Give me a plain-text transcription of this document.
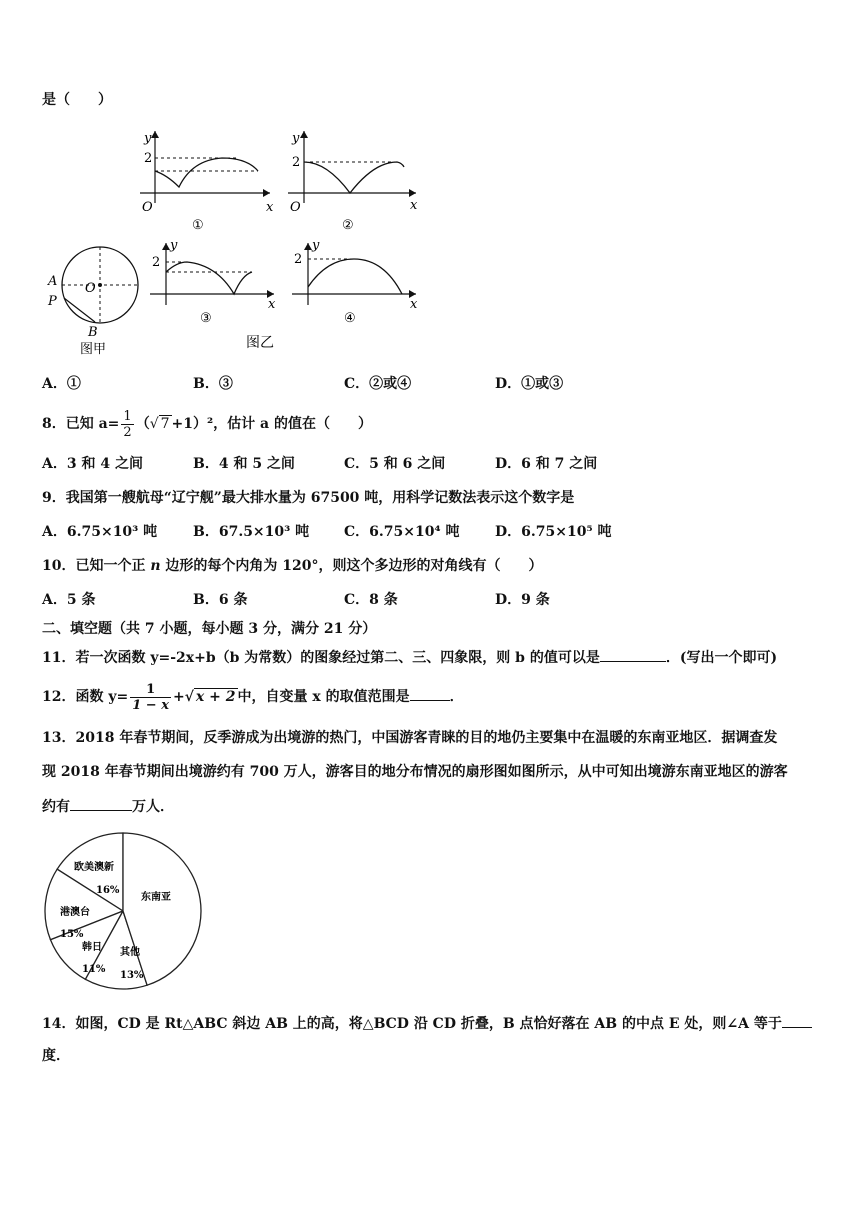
是（　　）
y
2
O	x
①
y
2
O	x
②
A
P
B
O
图甲
y
2
x
③
y
2
x
④
图乙
A．①	B．③	C．②或④	D．①或③
8．已知 $a= \frac{1}{2}$ （√ 7 +1）²，估计 a 的值在（　　）
A．3 和 4 之间	B．4 和 5 之间	C．5 和 6 之间	D．6 和 7 之间
9．我国第一艘航母“辽宁舰”最大排水量为 67500 吨，用科学记数法表示这个数字是
A．6.75×10³ 吨	B．67.5×10³ 吨 C．6.75×10⁴ 吨	D．6.75×10⁵ 吨
10．已知一个正 n 边形的每个内角为 120°，则这个多边形的对角线有（　　）
A．5 条	B．6 条	C．8 条	D．9 条
二、填空题（共 7 小题，每小题 3 分，满分 21 分）
11．若一次函数 y=-2x+b（b 为常数）的图象经过第二、三、四象限，则 b 的值可以是	．(写出一个即可)
12．函数 $y= \frac{1}{1 - x}$ +√ x + 2 中，自变量 x 的取值范围是	．
13．2018 年春节期间，反季游成为出境游的热门，中国游客青睐的目的地仍主要集中在温暖的东南亚地区．据调查发
现 2018 年春节期间出境游约有 700 万人，游客目的地分布情况的扇形图如图所示，从中可知出境游东南亚地区的游客
约有	万人．
欧美澳新
16%
港澳台
15%
韩日
11%
其他
13%
东南亚
14．如图，CD 是 Rt△ABC 斜边 AB 上的高，将△BCD 沿 CD 折叠，B 点恰好落在 AB 的中点 E 处，则∠A 等于
度．
